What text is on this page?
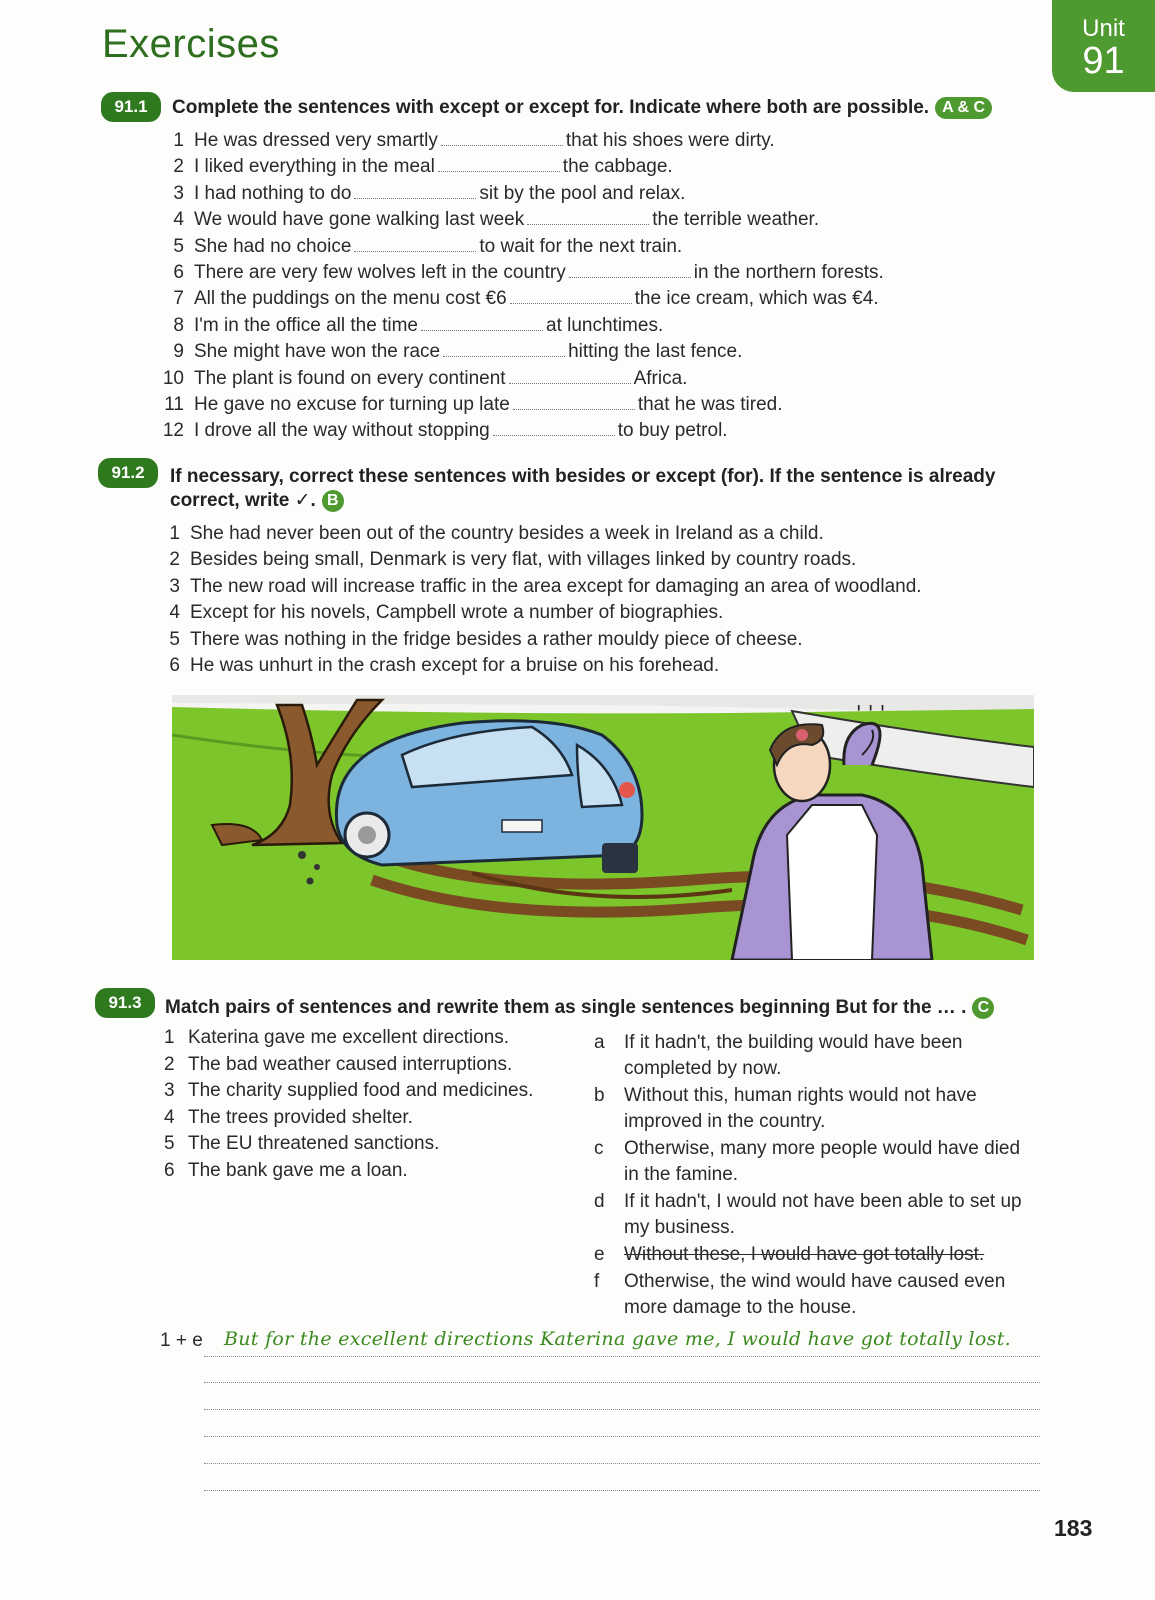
Exercises	Unit
91
91.1	Complete the sentences with except or except for. Indicate where both are possible. A & C
1 He was dressed very smartly	that his shoes were dirty.
2 I liked everything in the meal	the cabbage.
3 I had nothing to do	sit by the pool and relax.
4 We would have gone walking last week	the terrible weather.
5 She had no choice	to wait for the next train.
6 There are very few wolves left in the country	in the northern forests.
7 All the puddings on the menu cost €6	the ice cream, which was €4.
8 I'm in the office all the time	at lunchtimes.
9 She might have won the race	hitting the last fence.
10 The plant is found on every continent	Africa.
11 He gave no excuse for turning up late	that he was tired.
12 I drove all the way without stopping	to buy petrol.
91.2	If necessary, correct these sentences with besides or except (for). If the sentence is already
correct, write ✓. B
1 She had never been out of the country besides a week in Ireland as a child.
2 Besides being small, Denmark is very flat, with villages linked by country roads.
3 The new road will increase traffic in the area except for damaging an area of woodland.
4 Except for his novels, Campbell wrote a number of biographies.
5 There was nothing in the fridge besides a rather mouldy piece of cheese.
6 He was unhurt in the crash except for a bruise on his forehead.
' ' '
91.3	Match pairs of sentences and rewrite them as single sentences beginning But for the … . C
1 Katerina gave me excellent directions.
2 The bad weather caused interruptions.
3 The charity supplied food and medicines.
4 The trees provided shelter.
5 The EU threatened sanctions.
6 The bank gave me a loan.
a If it hadn't, the building would have been completed by now.
b Without this, human rights would not have improved in the country.
c Otherwise, many more people would have died in the famine.
d If it hadn't, I would not have been able to set up my business.
e Without these, I would have got totally lost.
f Otherwise, the wind would have caused even more damage to the house.
1 + e But for the excellent directions Katerina gave me, I would have got totally lost.
183
